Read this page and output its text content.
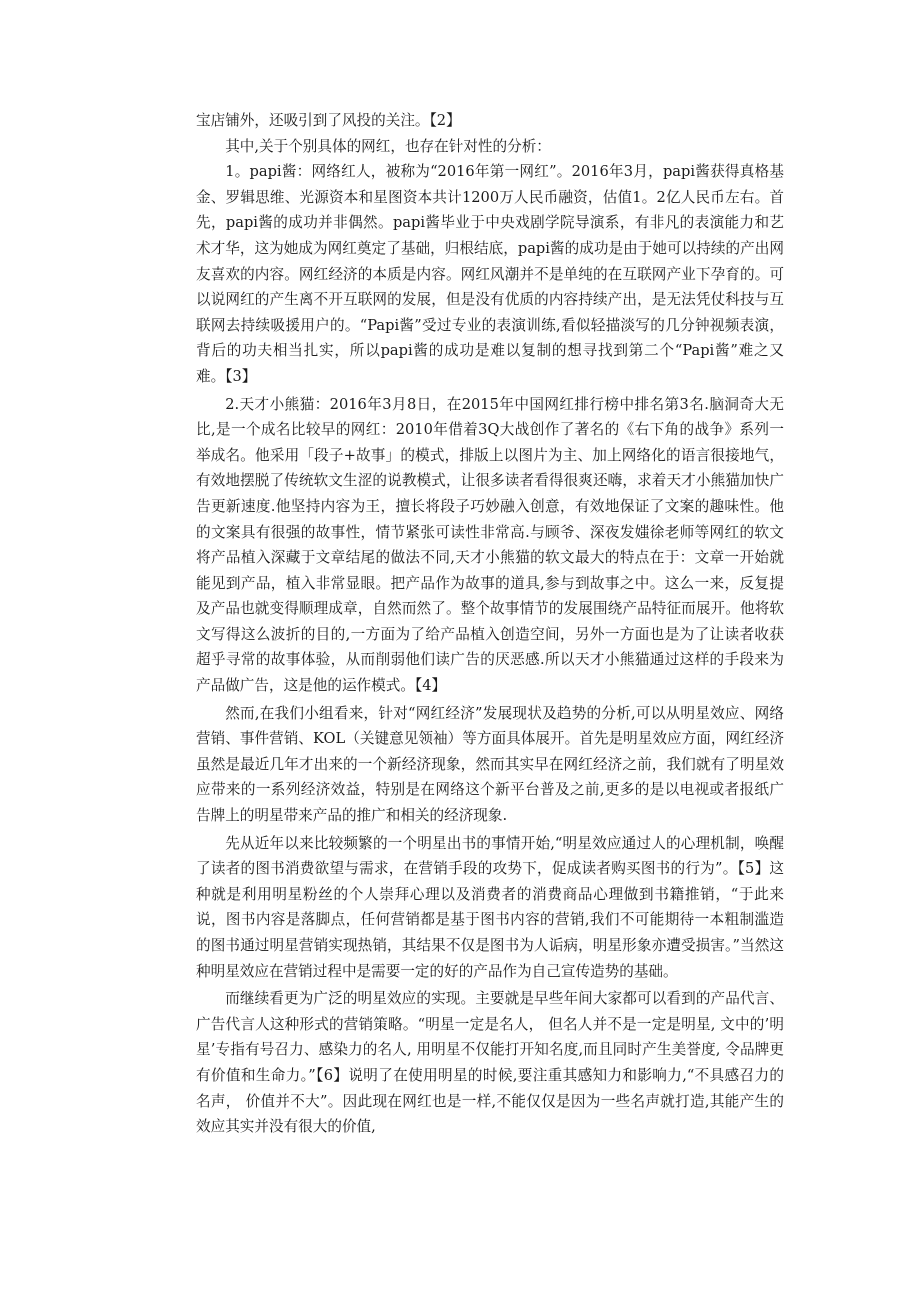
宝店铺外，还吸引到了风投的关注。【2】

其中,关于个别具体的网红，也存在针对性的分析：

1。papi酱：网络红人，被称为“2016年第一网红”。2016年3月，papi酱获得真格基金、罗辑思维、光源资本和星图资本共计1200万人民币融资，估值1。2亿人民币左右。首先，papi酱的成功并非偶然。papi酱毕业于中央戏剧学院导演系，有非凡的表演能力和艺术才华，这为她成为网红奠定了基础，归根结底，papi酱的成功是由于她可以持续的产出网友喜欢的内容。网红经济的本质是内容。网红风潮并不是单纯的在互联网产业下孕育的。可以说网红的产生离不开互联网的发展，但是没有优质的内容持续产出，是无法凭仗科技与互联网去持续吸援用户的。“Papi酱”受过专业的表演训练,看似轻描淡写的几分钟视频表演，背后的功夫相当扎实，所以papi酱的成功是难以复制的想寻找到第二个“Papi酱”难之又难。【3】

2.天才小熊猫：2016年3月8日，在2015年中国网红排行榜中排名第3名.脑洞奇大无比,是一个成名比较早的网红：2010年借着3Q大战创作了著名的《右下角的战争》系列一举成名。他采用「段子+故事」的模式，排版上以图片为主、加上网络化的语言很接地气，有效地摆脱了传统软文生涩的说教模式，让很多读者看得很爽还嗨，求着天才小熊猫加快广告更新速度.他坚持内容为王，擅长将段子巧妙融入创意，有效地保证了文案的趣味性。他的文案具有很强的故事性，情节紧张可读性非常高.与顾爷、深夜发媸徐老师等网红的软文将产品植入深藏于文章结尾的做法不同,天才小熊猫的软文最大的特点在于：文章一开始就能见到产品，植入非常显眼。把产品作为故事的道具,参与到故事之中。这么一来，反复提及产品也就变得顺理成章，自然而然了。整个故事情节的发展围绕产品特征而展开。他将软文写得这么波折的目的,一方面为了给产品植入创造空间，另外一方面也是为了让读者收获超乎寻常的故事体验，从而削弱他们读广告的厌恶感.所以天才小熊猫通过这样的手段来为产品做广告，这是他的运作模式。【4】

然而,在我们小组看来，针对“网红经济”发展现状及趋势的分析,可以从明星效应、网络营销、事件营销、KOL（关键意见领袖）等方面具体展开。首先是明星效应方面，网红经济虽然是最近几年才出来的一个新经济现象，然而其实早在网红经济之前，我们就有了明星效应带来的一系列经济效益，特别是在网络这个新平台普及之前,更多的是以电视或者报纸广告牌上的明星带来产品的推广和相关的经济现象.

先从近年以来比较频繁的一个明星出书的事情开始,“明星效应通过人的心理机制，唤醒了读者的图书消费欲望与需求，在营销手段的攻势下，促成读者购买图书的行为”。【5】这种就是利用明星粉丝的个人崇拜心理以及消费者的消费商品心理做到书籍推销，“于此来说，图书内容是落脚点，任何营销都是基于图书内容的营销,我们不可能期待一本粗制滥造的图书通过明星营销实现热销，其结果不仅是图书为人诟病，明星形象亦遭受损害。”当然这种明星效应在营销过程中是需要一定的好的产品作为自己宣传造势的基础。

而继续看更为广泛的明星效应的实现。主要就是早些年间大家都可以看到的产品代言、广告代言人这种形式的营销策略。“明星一定是名人， 但名人并不是一定是明星, 文中的’明星’专指有号召力、感染力的名人, 用明星不仅能打开知名度,而且同时产生美誉度, 令品牌更有价值和生命力。”【6】说明了在使用明星的时候,要注重其感知力和影响力,“不具感召力的名声， 价值并不大”。因此现在网红也是一样,不能仅仅是因为一些名声就打造,其能产生的效应其实并没有很大的价值,
